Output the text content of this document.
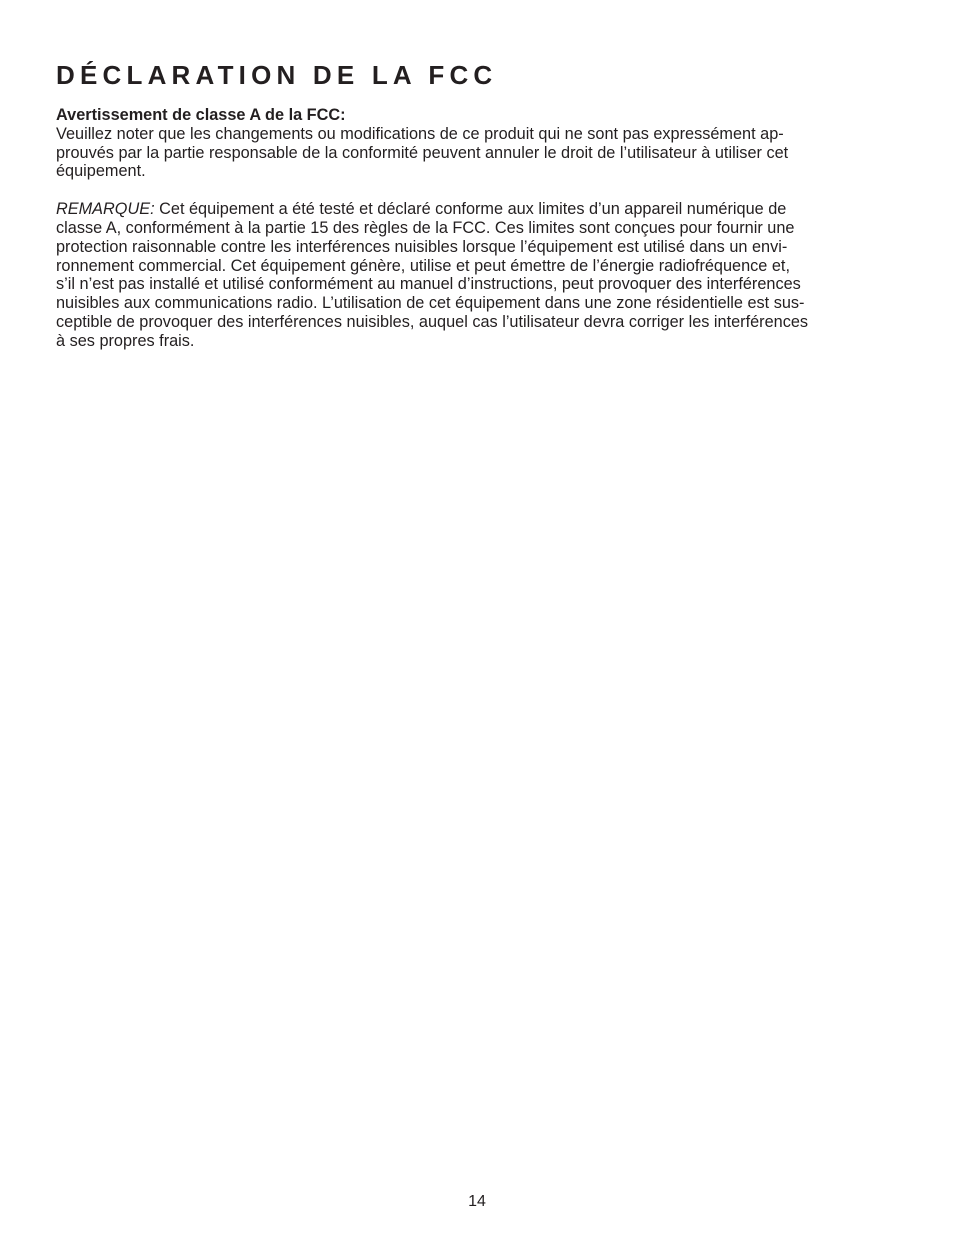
DÉCLARATION DE LA FCC
Avertissement de classe A de la FCC:

Veuillez noter que les changements ou modifications de ce produit qui ne sont pas expressément ap-
prouvés par la partie responsable de la conformité peuvent annuler le droit de l’utilisateur à utiliser cet
équipement.

REMARQUE: Cet équipement a été testé et déclaré conforme aux limites d’un appareil numérique de
classe A, conformément à la partie 15 des règles de la FCC. Ces limites sont conçues pour fournir une
protection raisonnable contre les interférences nuisibles lorsque l’équipement est utilisé dans un envi-
ronnement commercial. Cet équipement génère, utilise et peut émettre de l’énergie radiofréquence et,
s’il n’est pas installé et utilisé conformément au manuel d’instructions, peut provoquer des interférences
nuisibles aux communications radio. L’utilisation de cet équipement dans une zone résidentielle est sus-
ceptible de provoquer des interférences nuisibles, auquel cas l’utilisateur devra corriger les interférences
à ses propres frais.

14
